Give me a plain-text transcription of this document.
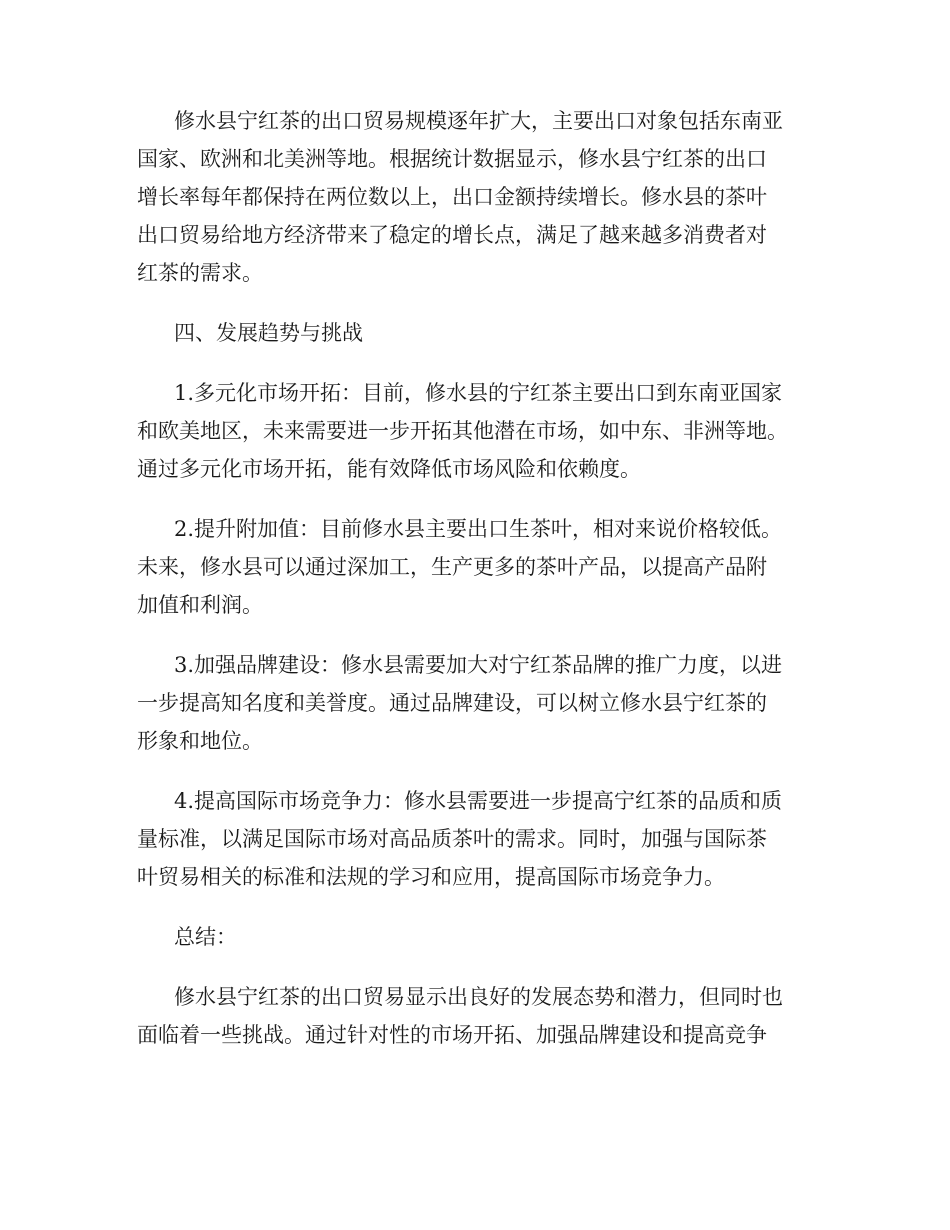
修水县宁红茶的出口贸易规模逐年扩大，主要出口对象包括东南亚
国家、欧洲和北美洲等地。根据统计数据显示，修水县宁红茶的出口
增长率每年都保持在两位数以上，出口金额持续增长。修水县的茶叶
出口贸易给地方经济带来了稳定的增长点，满足了越来越多消费者对
红茶的需求。

四、发展趋势与挑战

1.多元化市场开拓：目前，修水县的宁红茶主要出口到东南亚国家
和欧美地区，未来需要进一步开拓其他潜在市场，如中东、非洲等地。
通过多元化市场开拓，能有效降低市场风险和依赖度。

2.提升附加值：目前修水县主要出口生茶叶，相对来说价格较低。
未来，修水县可以通过深加工，生产更多的茶叶产品，以提高产品附
加值和利润。

3.加强品牌建设：修水县需要加大对宁红茶品牌的推广力度，以进
一步提高知名度和美誉度。通过品牌建设，可以树立修水县宁红茶的
形象和地位。

4.提高国际市场竞争力：修水县需要进一步提高宁红茶的品质和质
量标准，以满足国际市场对高品质茶叶的需求。同时，加强与国际茶
叶贸易相关的标准和法规的学习和应用，提高国际市场竞争力。

总结：

修水县宁红茶的出口贸易显示出良好的发展态势和潜力，但同时也
面临着一些挑战。通过针对性的市场开拓、加强品牌建设和提高竞争
